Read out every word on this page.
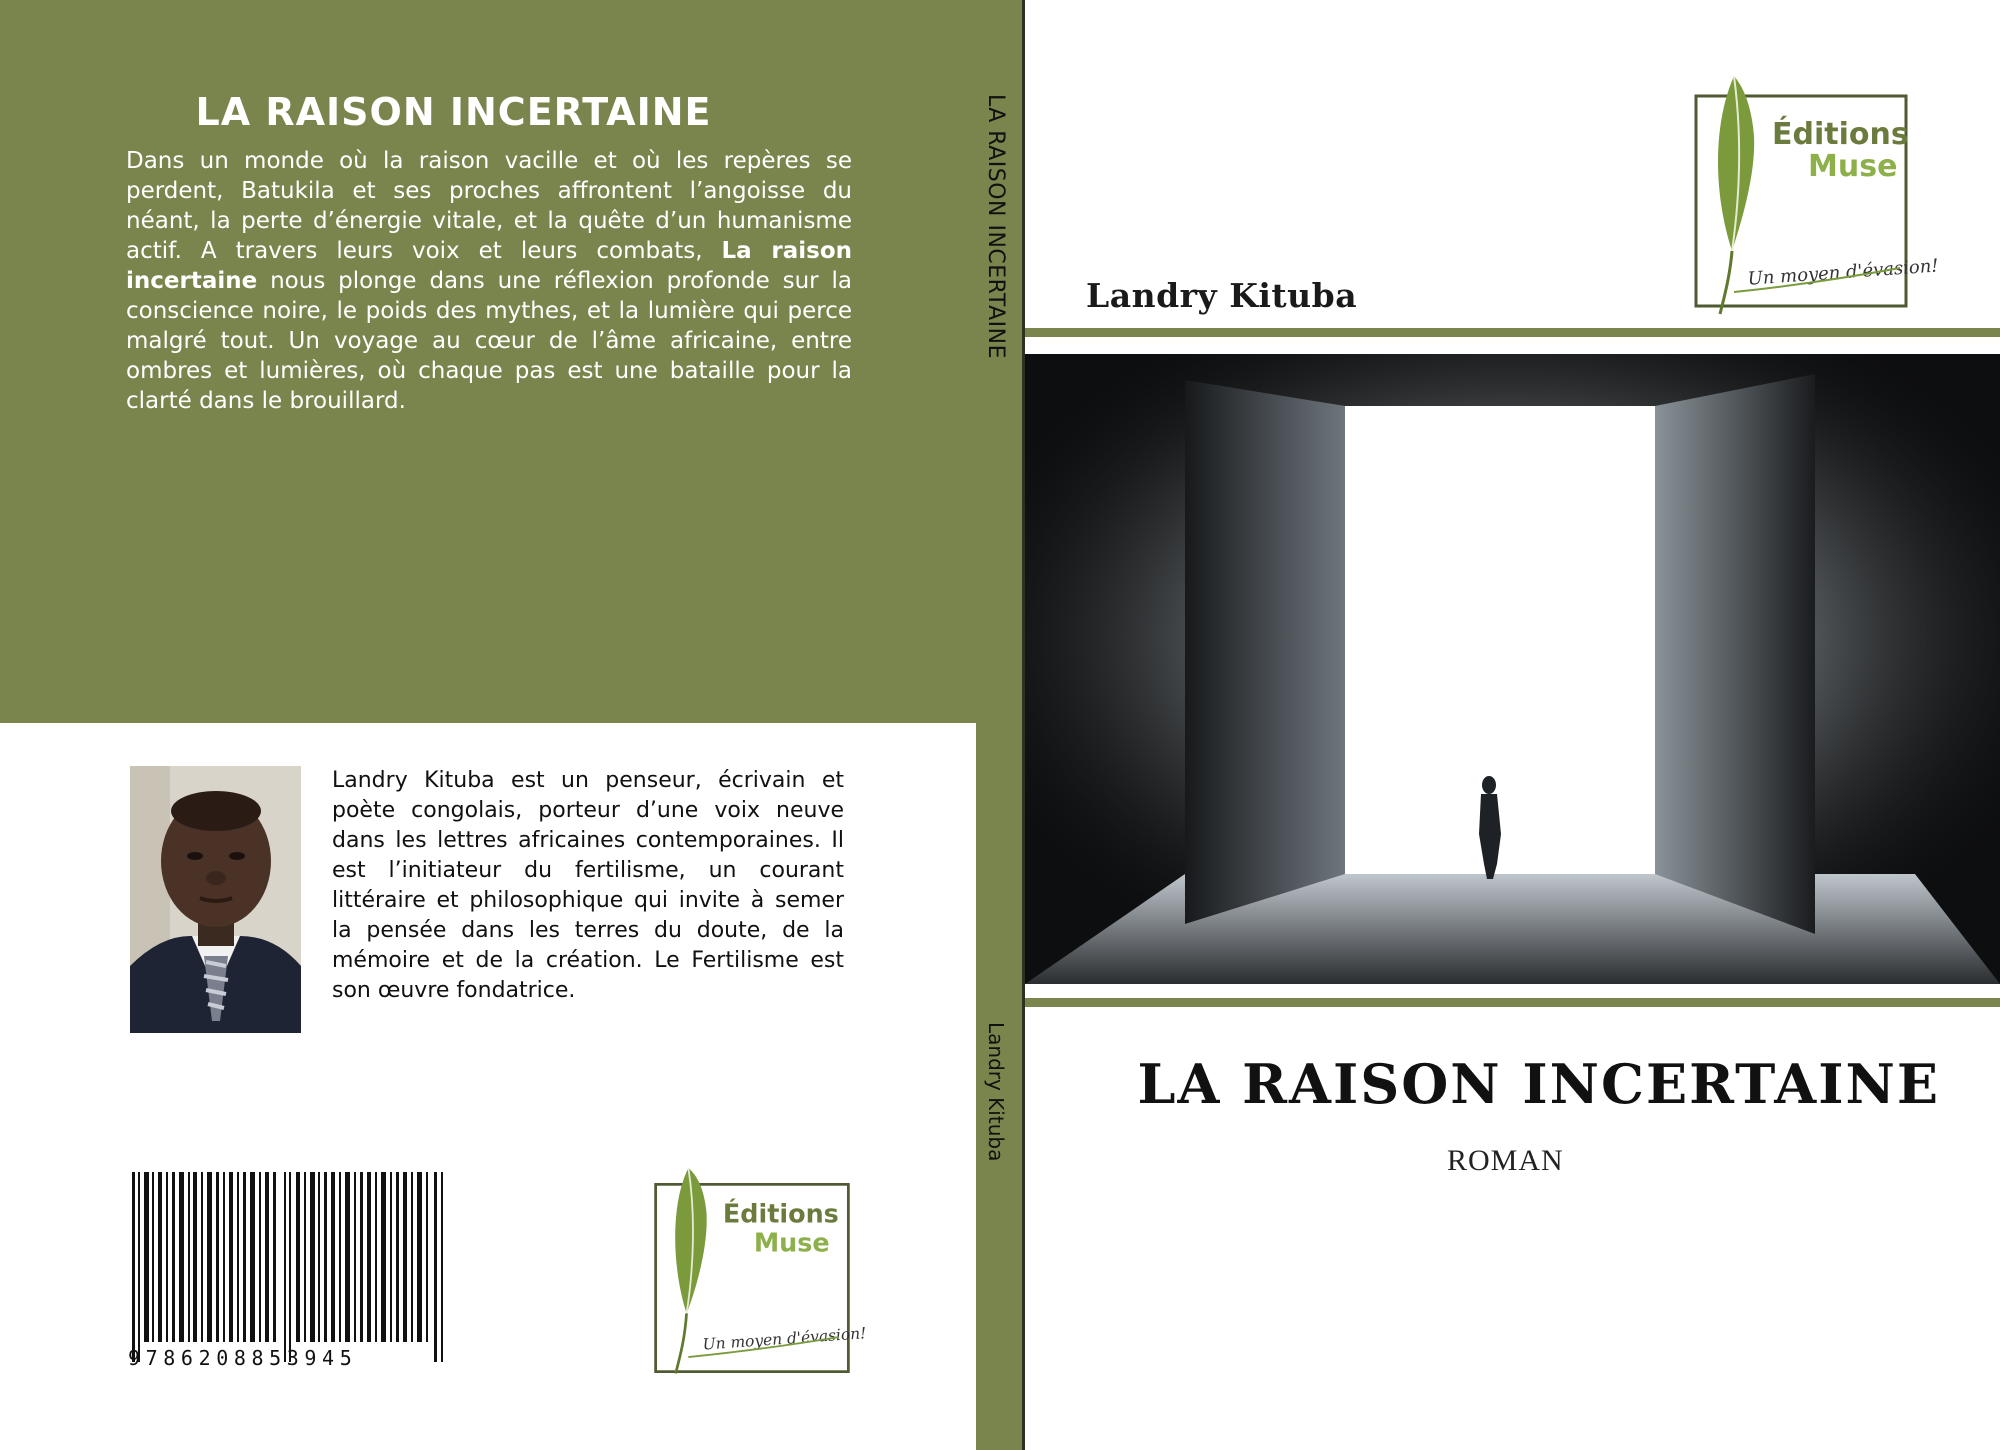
LA RAISON INCERTAINE
Dans un monde où la raison vacille et où les repères se perdent, Batukila et ses proches affrontent l’angoisse du néant, la perte d’énergie vitale, et la quête d’un humanisme actif. A travers leurs voix et leurs combats, La raison incertaine nous plonge dans une réflexion profonde sur la conscience noire, le poids des mythes, et la lumière qui perce malgré tout. Un voyage au cœur de l’âme africaine, entre ombres et lumières, où chaque pas est une bataille pour la clarté dans le brouillard.
Landry Kituba est un penseur, écrivain et poète congolais, porteur d’une voix neuve dans les lettres africaines contemporaines. Il est l’initiateur du fertilisme, un courant littéraire et philosophique qui invite à semer la pensée dans les terres du doute, de la mémoire et de la création. Le Fertilisme est son œuvre fondatrice.
9786208853945
Éditions
Muse
Un moyen d'évasion!
LA RAISON INCERTAINE
Landry Kituba
Landry Kituba
Éditions
Muse
Un moyen d'évasion!
LA RAISON INCERTAINE
ROMAN
